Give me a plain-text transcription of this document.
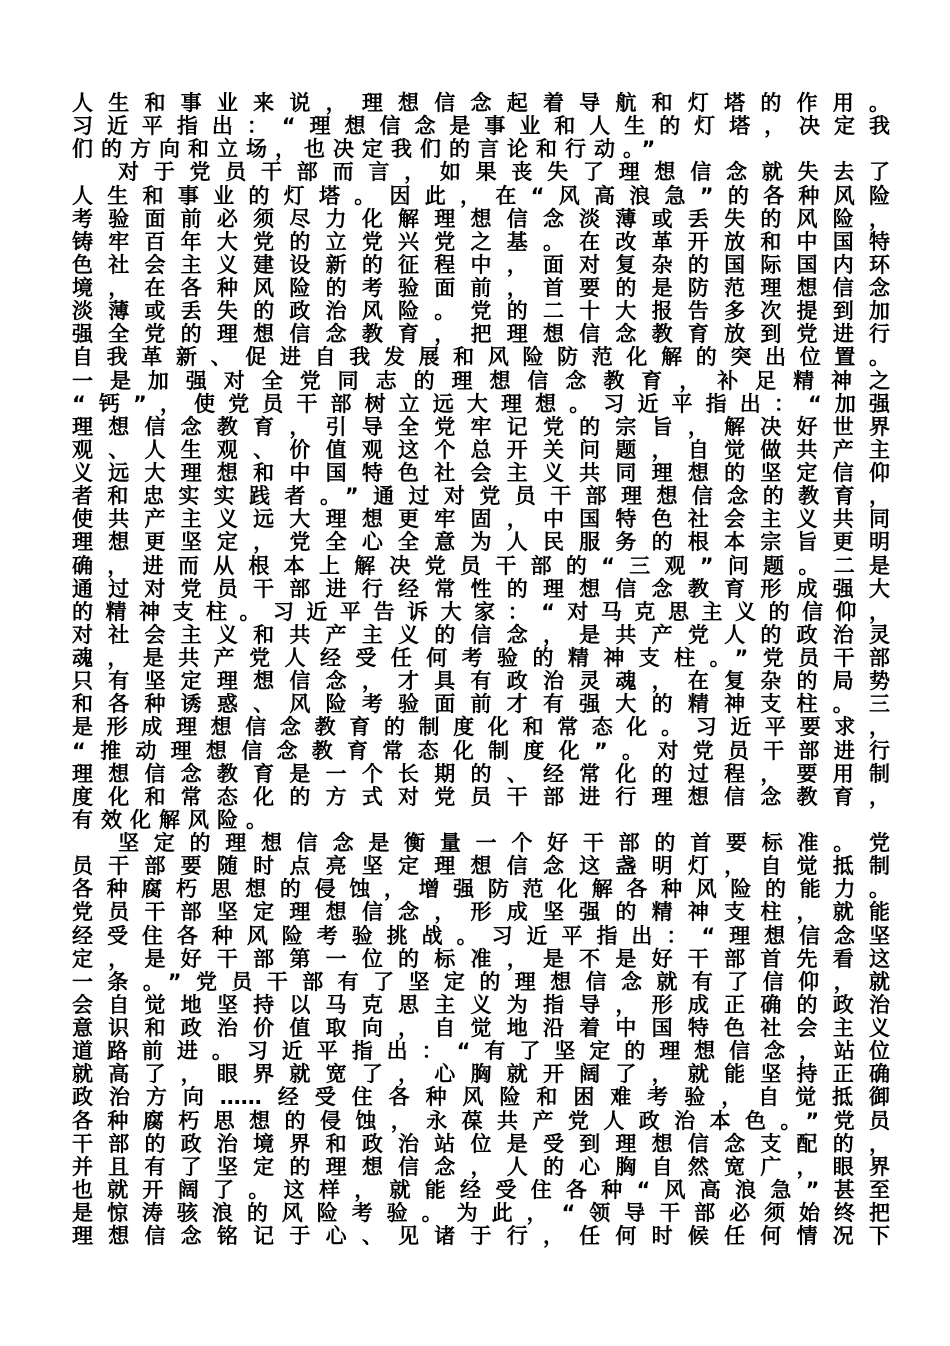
人生和事业来说，理想信念起着导航和灯塔的作用。
习近平指出：“理想信念是事业和人生的灯塔，决定我
们的方向和立场，也决定我们的言论和行动。”
对于党员干部而言，如果丧失了理想信念就失去了
人生和事业的灯塔。因此，在“风高浪急”的各种风险
考验面前必须尽力化解理想信念淡薄或丢失的风险，
铸牢百年大党的立党兴党之基。在改革开放和中国特
色社会主义建设新的征程中，面对复杂的国际国内环
境，在各种风险的考验面前，首要的是防范理想信念
淡薄或丢失的政治风险。党的二十大报告多次提到加
强全党的理想信念教育，把理想信念教育放到党进行
自我革新、促进自我发展和风险防范化解的突出位置。
一是加强对全党同志的理想信念教育，补足精神之
“钙”，使党员干部树立远大理想。习近平指出：“加强
理想信念教育，引导全党牢记党的宗旨，解决好世界
观、人生观、价值观这个总开关问题，自觉做共产主
义远大理想和中国特色社会主义共同理想的坚定信仰
者和忠实实践者。”通过对党员干部理想信念的教育，
使共产主义远大理想更牢固，中国特色社会主义共同
理想更坚定，党全心全意为人民服务的根本宗旨更明
确，进而从根本上解决党员干部的“三观”问题。二是
通过对党员干部进行经常性的理想信念教育形成强大
的精神支柱。习近平告诉大家：“对马克思主义的信仰，
对社会主义和共产主义的信念，是共产党人的政治灵
魂，是共产党人经受任何考验的精神支柱。”党员干部
只有坚定理想信念，才具有政治灵魂，在复杂的局势
和各种诱惑、风险考验面前才有强大的精神支柱。三
是形成理想信念教育的制度化和常态化。习近平要求，
“推动理想信念教育常态化制度化”。对党员干部进行
理想信念教育是一个长期的、经常化的过程，要用制
度化和常态化的方式对党员干部进行理想信念教育，
有效化解风险。
坚定的理想信念是衡量一个好干部的首要标准。党
员干部要随时点亮坚定理想信念这盏明灯，自觉抵制
各种腐朽思想的侵蚀，增强防范化解各种风险的能力。
党员干部坚定理想信念，形成坚强的精神支柱，就能
经受住各种风险考验挑战。习近平指出：“理想信念坚
定，是好干部第一位的标准，是不是好干部首先看这
一条。”党员干部有了坚定的理想信念就有了信仰，就
会自觉地坚持以马克思主义为指导，形成正确的政治
意识和政治价值取向，自觉地沿着中国特色社会主义
道路前进。习近平指出：“有了坚定的理想信念，站位
就高了，眼界就宽了，心胸就开阔了，就能坚持正确
政治方向……经受住各种风险和困难考验，自觉抵御
各种腐朽思想的侵蚀，永葆共产党人政治本色。”党员
干部的政治境界和政治站位是受到理想信念支配的，
并且有了坚定的理想信念，人的心胸自然宽广，眼界
也就开阔了。这样，就能经受住各种“风高浪急”甚至
是惊涛骇浪的风险考验。为此，“领导干部必须始终把
理想信念铭记于心、见诸于行，任何时候任何情况下
